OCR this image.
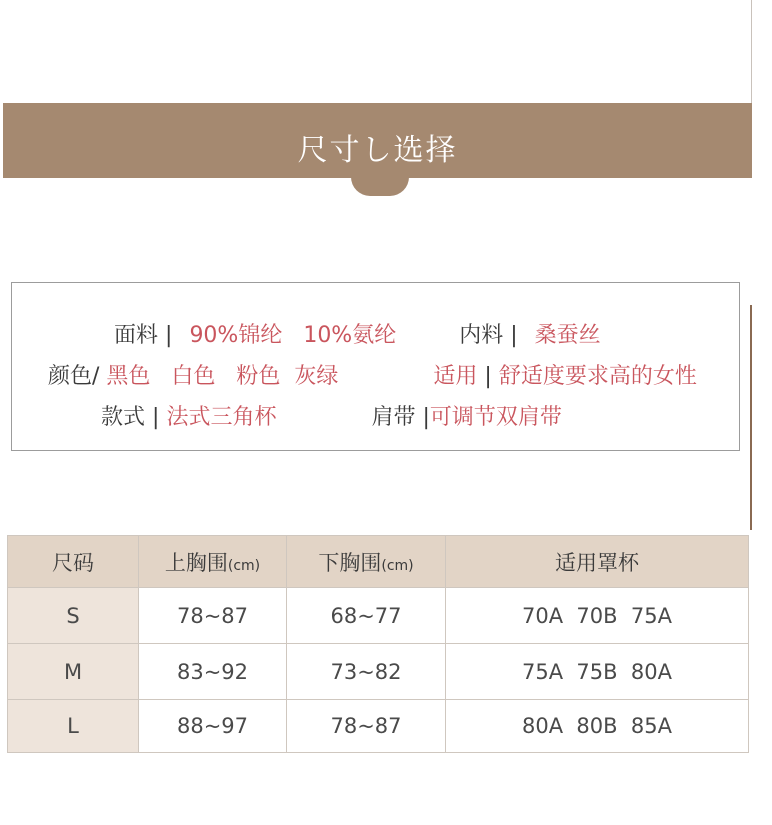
尺寸し选择
面料 | 90%锦纶   10%氨纶	内料 | 桑蚕丝
颜色/ 黑色   白色   粉色  灰绿	适用 | 舒适度要求高的女性
款式 | 法式三角杯	肩带 |可调节双肩带
尺码	上胸围(cm)	下胸围(cm)	适用罩杯
S	78~87	68~77	70A  70B  75A
M	83~92	73~82	75A  75B  80A
L	88~97	78~87	80A  80B  85A
